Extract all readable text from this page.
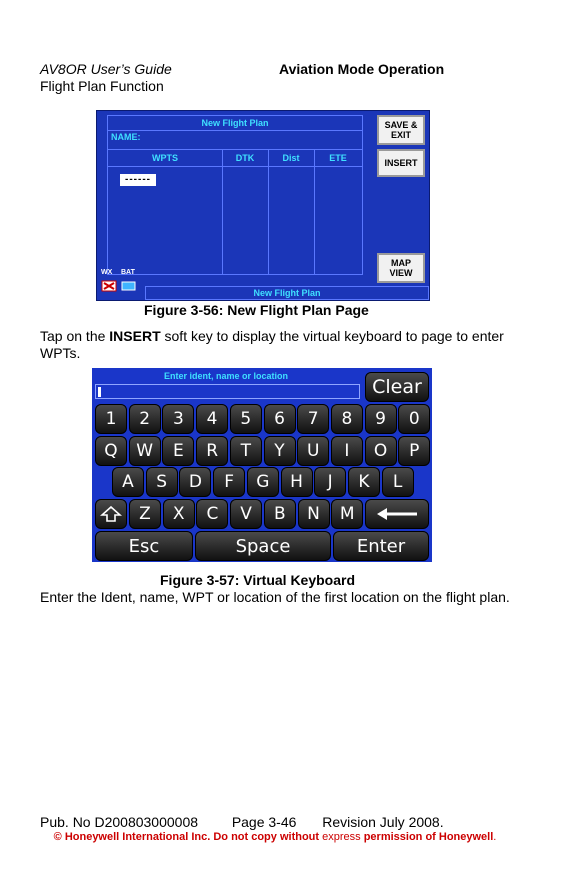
AV8OR User’s Guide	Aviation Mode Operation
Flight Plan Function
New Flight Plan
NAME:
WPTS	DTK	Dist	ETE
------
SAVE & EXIT
INSERT
MAP VIEW
WX BAT
New Flight Plan
Figure 3-56: New Flight Plan Page
Tap on the INSERT soft key to display the virtual keyboard to page to enter WPTs.
Enter ident, name or location	Clear
Esc	Space	Enter
1	2	3	4	5	6	7	8	9	0
Q	W	E	R	T	Y	U	I	O	P
A	S	D	F	G	H	J	K	L
Z	X	C	V	B	N	M
Figure 3-57: Virtual Keyboard
Enter the Ident, name, WPT or location of the first location on the flight plan.
Pub. No D200803000008 Page 3-46 Revision July 2008.
© Honeywell International Inc. Do not copy without express permission of Honeywell.
